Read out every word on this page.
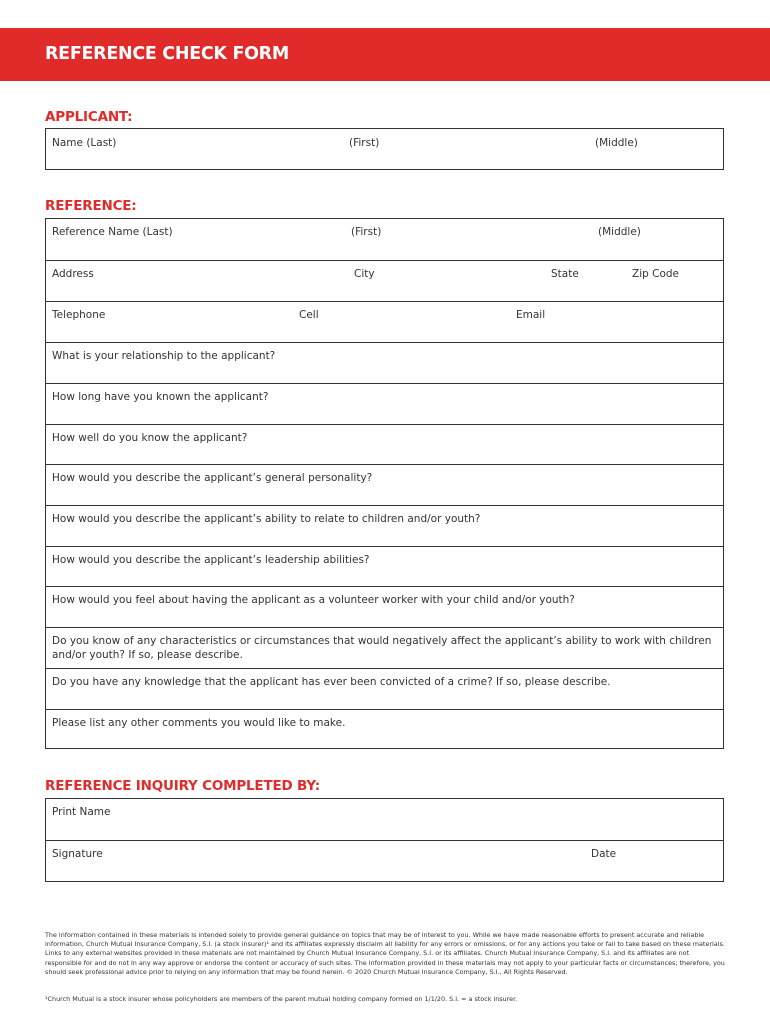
REFERENCE CHECK FORM
APPLICANT:
Name (Last)	(First)	(Middle)
REFERENCE:
Reference Name (Last)	(First)	(Middle)
Address	City	State	Zip Code
Telephone	Cell	Email
What is your relationship to the applicant?
How long have you known the applicant?
How well do you know the applicant?
How would you describe the applicant’s general personality?
How would you describe the applicant’s ability to relate to children and/or youth?
How would you describe the applicant’s leadership abilities?
How would you feel about having the applicant as a volunteer worker with your child and/or youth?
Do you know of any characteristics or circumstances that would negatively affect the applicant’s ability to work with children and/or youth? If so, please describe.
Do you have any knowledge that the applicant has ever been convicted of a crime? If so, please describe.
Please list any other comments you would like to make.
REFERENCE INQUIRY COMPLETED BY:
Print Name
Signature	Date
The information contained in these materials is intended solely to provide general guidance on topics that may be of interest to you. While we have made reasonable efforts to present accurate and reliable information, Church Mutual Insurance Company, S.I. (a stock insurer)¹ and its affiliates expressly disclaim all liability for any errors or omissions, or for any actions you take or fail to take based on these materials. Links to any external websites provided in these materials are not maintained by Church Mutual Insurance Company, S.I. or its affiliates. Church Mutual Insurance Company, S.I. and its affiliates are not responsible for and do not in any way approve or endorse the content or accuracy of such sites. The information provided in these materials may not apply to your particular facts or circumstances; therefore, you should seek professional advice prior to relying on any information that may be found herein. © 2020 Church Mutual Insurance Company, S.I., All Rights Reserved.
¹Church Mutual is a stock insurer whose policyholders are members of the parent mutual holding company formed on 1/1/20. S.I. = a stock insurer.
